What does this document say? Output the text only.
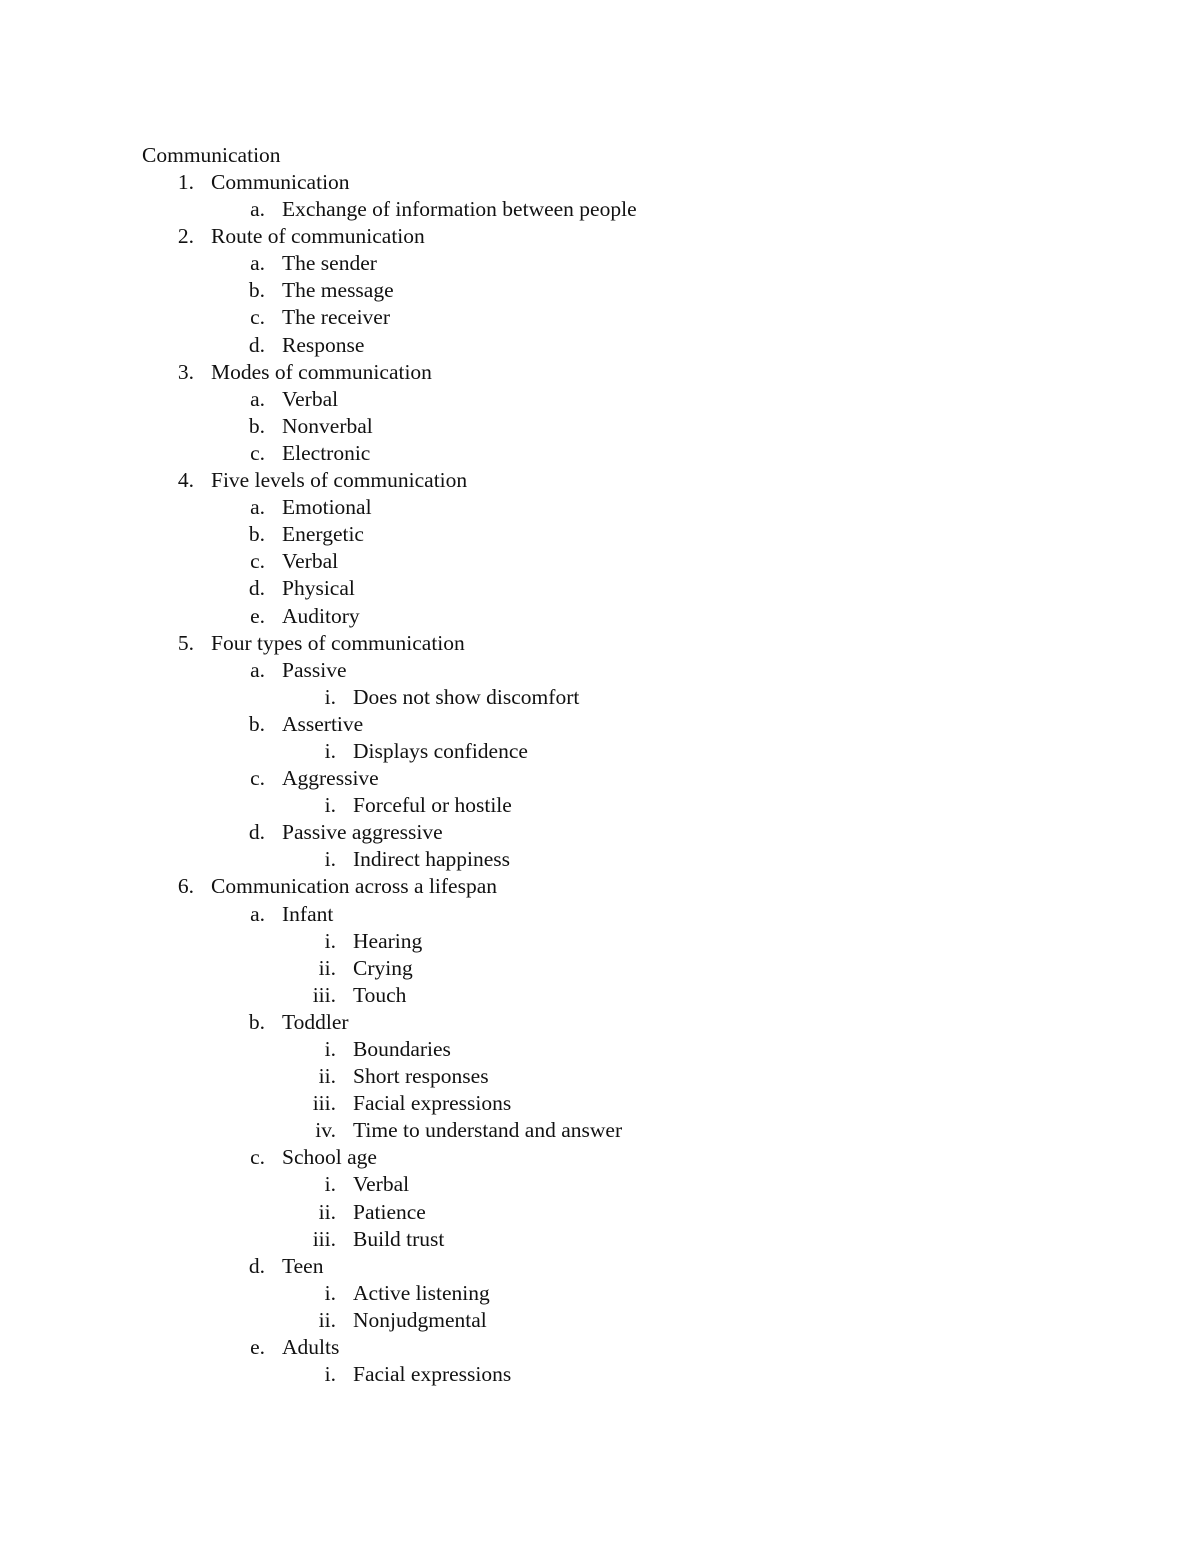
Communication
1. Communication
a. Exchange of information between people
2. Route of communication
a. The sender
b. The message
c. The receiver
d. Response
3. Modes of communication
a. Verbal
b. Nonverbal
c. Electronic
4. Five levels of communication
a. Emotional
b. Energetic
c. Verbal
d. Physical
e. Auditory
5. Four types of communication
a. Passive
i. Does not show discomfort
b. Assertive
i. Displays confidence
c. Aggressive
i. Forceful or hostile
d. Passive aggressive
i. Indirect happiness
6. Communication across a lifespan
a. Infant
i. Hearing
ii. Crying
iii. Touch
b. Toddler
i. Boundaries
ii. Short responses
iii. Facial expressions
iv. Time to understand and answer
c. School age
i. Verbal
ii. Patience
iii. Build trust
d. Teen
i. Active listening
ii. Nonjudgmental
e. Adults
i. Facial expressions
